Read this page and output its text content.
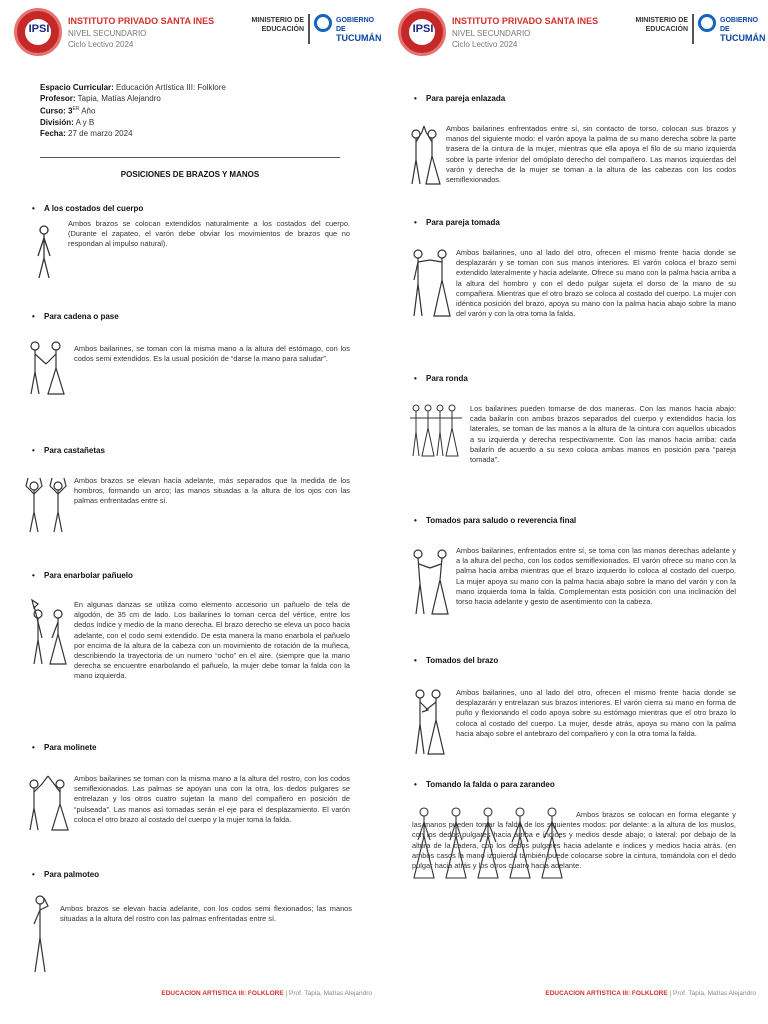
IPSI
INSTITUTO PRIVADO SANTA INES
NIVEL SECUNDARIO
Ciclo Lectivo 2024
MINISTERIO DE
EDUCACIÓN
GOBIERNO DE
TUCUMÁN
Espacio Curricular: Educación Artística III: Folklore
Profesor: Tapia, Matías Alejandro
Curso: 3ER Año
División: A y B
Fecha: 27 de marzo 2024
POSICIONES DE BRAZOS Y MANOS
• A los costados del cuerpo
Ambos brazos se colocan extendidos naturalmente a los costados del cuerpo. (Durante el zapateo, el varón debe obviar los movimientos de brazos que no respondan al impulso natural).
• Para cadena o pase
Ambos bailarines, se toman con la misma mano a la altura del estómago, con los codos semi extendidos. Es la usual posición de “darse la mano para saludar”.
• Para castañetas
Ambos brazos se elevan hacia adelante, más separados que la medida de los hombros, formando un arco; las manos situadas a la altura de los ojos con las palmas enfrentadas entre sí.
• Para enarbolar pañuelo
En algunas danzas se utiliza como elemento accesorio un pañuelo de tela de algodón, de 35 cm de lado. Los bailarines lo toman cerca del vértice, entre los dedos índice y medio de la mano derecha. El brazo derecho se eleva un poco hacia adelante, con el codo semi extendido. De esta manera la mano enarbola el pañuelo por encima de la altura de la cabeza con un movimiento de rotación de la muñeca, describiendo la trayectoria de un numero “ocho” en el aire. (siempre que la mano derecha se encuentre enarbolando el pañuelo, la mujer debe tomar la falda con la mano izquierda.
• Para molinete
Ambos bailarines se toman con la misma mano a la altura del rostro, con los codos semiflexionados. Las palmas se apoyan una con la otra, los dedos pulgares se entrelazan y los otros cuatro sujetan la mano del compañero en posición de “pulseada”. Las manos así tomadas serán el eje para el desplazamiento. El varón coloca el otro brazo al costado del cuerpo y la mujer toma la falda.
• Para palmoteo
Ambos brazos se elevan hacia adelante, con los codos semi flexionados; las manos situadas a la altura del rostro con las palmas enfrentadas entre sí.
EDUCACION ARTISTICA III: FOLKLORE | Prof. Tapia, Matías Alejandro
IPSI
INSTITUTO PRIVADO SANTA INES
NIVEL SECUNDARIO
Ciclo Lectivo 2024
MINISTERIO DE
EDUCACIÓN
GOBIERNO DE
TUCUMÁN
• Para pareja enlazada
Ambos bailarines enfrentados entre sí, sin contacto de torso, colocan sus brazos y manos del siguiente modo: el varón apoya la palma de su mano derecha sobre la parte trasera de la cintura de la mujer, mientras que ella apoya el filo de su mano izquierda sobre la parte inferior del omóplato derecho del compañero. Las manos izquierdas del varón y derecha de la mujer se toman a la altura de las cabezas con los codos semiflexionados.
• Para pareja tomada
Ambos bailarines, uno al lado del otro, ofrecen el mismo frente hacia donde se desplazarán y se toman con sus manos interiores. El varón coloca el brazo semi extendido lateralmente y hacia adelante. Ofrece su mano con la palma hacia arriba a la altura del hombro y con el dedo pulgar sujeta el dorso de la mano de su compañera. Mientras que el otro brazo se coloca al costado del cuerpo. La mujer con idéntica posición del brazo, apoya su mano con la palma hacia abajo sobre la mano del varón y con la otra toma la falda.
• Para ronda
Los bailarines pueden tomarse de dos maneras. Con las manos hacia abajo: cada bailarín con ambos brazos separados del cuerpo y extendidos hacia los laterales, se toman de las manos a la altura de la cintura con aquellos ubicados a su izquierda y derecha respectivamente. Con las manos hacia arriba: cada bailarín de acuerdo a su sexo coloca ambas manos en posición para “pareja tomada”.
• Tomados para saludo o reverencia final
Ambos bailarines, enfrentados entre sí, se toma con las manos derechas adelante y a la altura del pecho, con los codos semiflexionados. El varón ofrece su mano con la palma hacia arriba mientras que el brazo izquierdo lo coloca al costado del cuerpo. La mujer apoya su mano con la palma hacia abajo sobre la mano del varón y con la mano izquierda toma la falda. Complementan esta posición con una inclinación del torso hacia adelante y gesto de asentimiento con la cabeza.
• Tomados del brazo
Ambos bailarines, uno al lado del otro, ofrecen el mismo frente hacia donde se desplazarán y entrelazan sus brazos interiores. El varón cierra su mano en forma de puño y flexionando el codo apoya sobre su estómago mientras que el otro brazo lo coloca al costado del cuerpo. La mujer, desde atrás, apoya su mano con la palma hacia abajo sobre el antebrazo del compañero y con la otra toma la falda.
• Tomando la falda o para zarandeo
Ambos brazos se colocan en forma elegante y las manos pueden tomar la falda de los siguientes modos: por delante: a la altura de los muslos, con los dedos pulgares hacia arriba e índices y medios desde abajo; o lateral: por debajo de la altura de la cadera, con los dedos pulgares hacia adelante e índices y medios hacia atrás. (en ambos casos la mano izquierda también puede colocarse sobre la cintura, tomándola con el dedo pulgar hacia atrás y los otros cuatro hacia adelante.
EDUCACION ARTISTICA III: FOLKLORE | Prof. Tapia, Matías Alejandro
